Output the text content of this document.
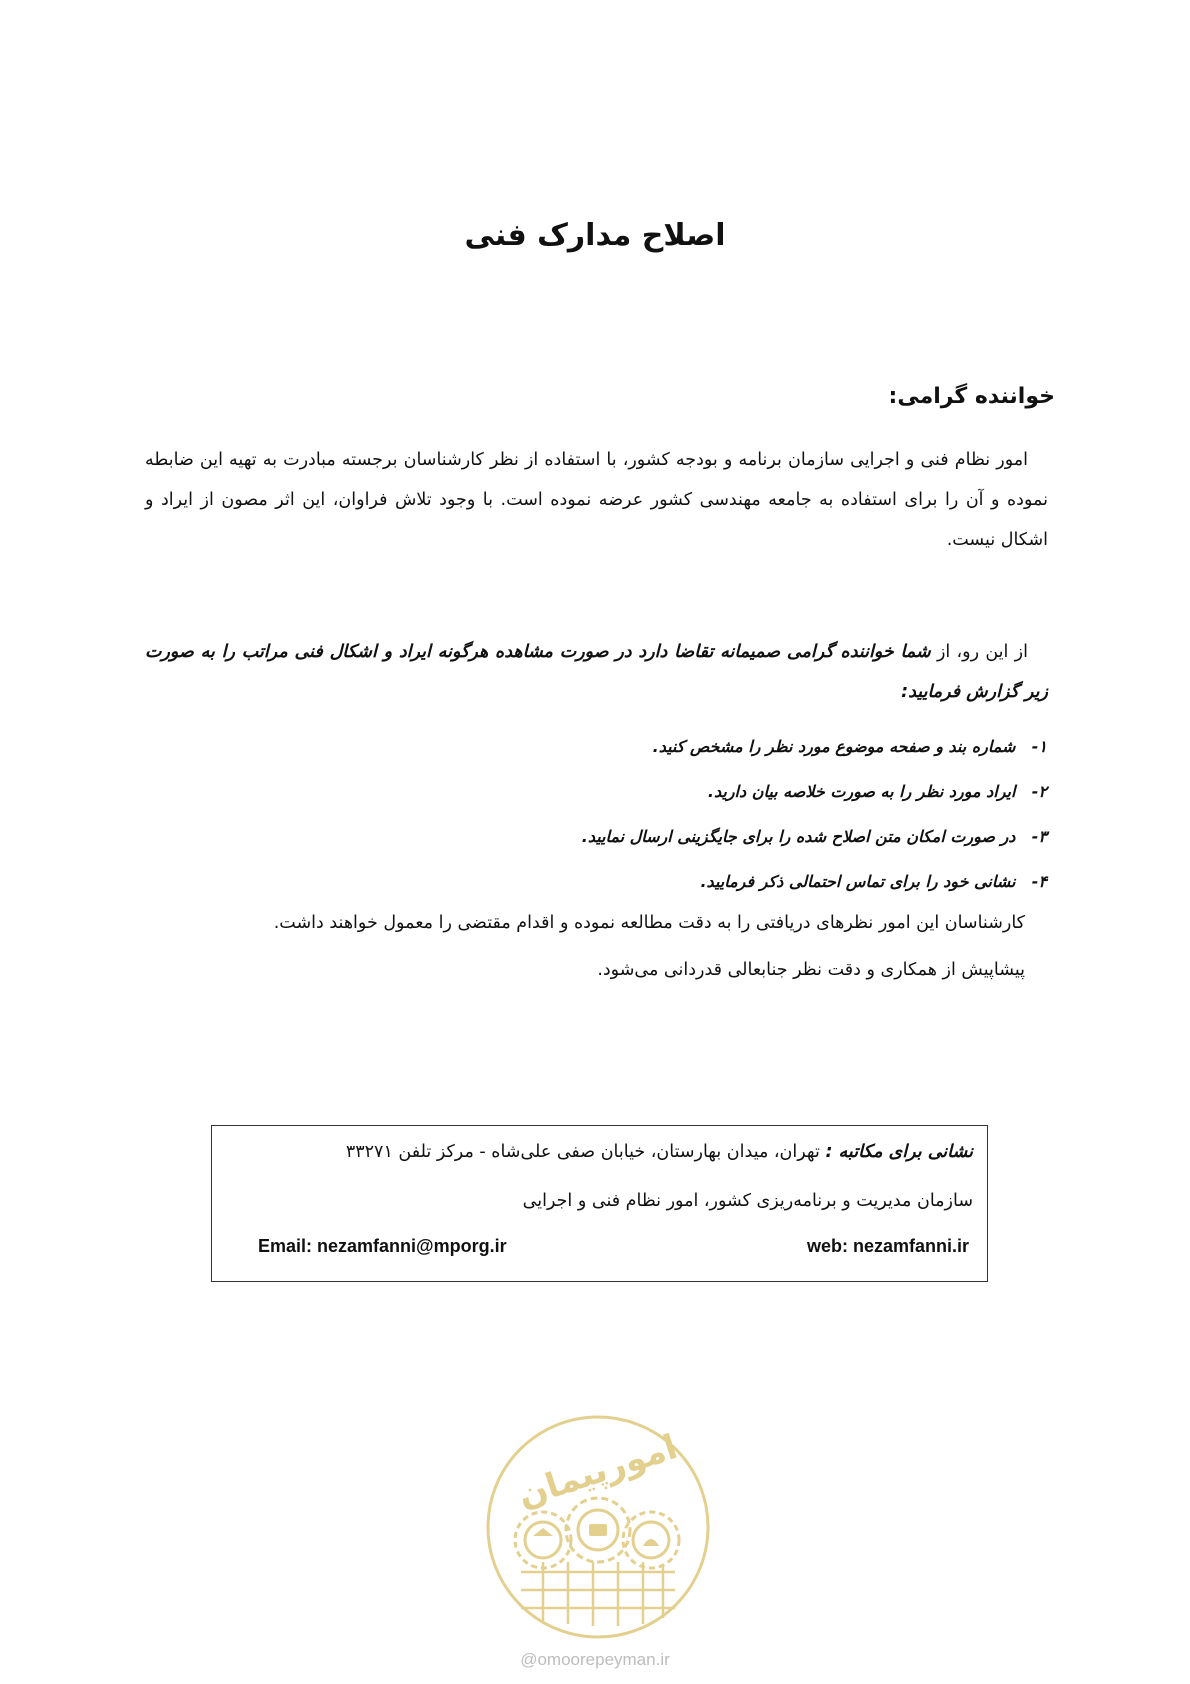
اصلاح مدارک فنی
خواننده گرامی:
امور نظام فنی و اجرایی سازمان برنامه و بودجه کشور، با استفاده از نظر کارشناسان برجسته مبادرت به تهیه این ضابطه نموده و آن را برای استفاده به جامعه مهندسی کشور عرضه نموده است. با وجود تلاش فراوان، این اثر مصون از ایراد و اشکال نیست.
از این رو، از شما خواننده گرامی صمیمانه تقاضا دارد در صورت مشاهده هرگونه ایراد و اشکال فنی مراتب را به صورت زیر گزارش فرمایید:
۱- شماره بند و صفحه موضوع مورد نظر را مشخص کنید.
۲- ایراد مورد نظر را به صورت خلاصه بیان دارید.
۳- در صورت امکان متن اصلاح شده را برای جایگزینی ارسال نمایید.
۴- نشانی خود را برای تماس احتمالی ذکر فرمایید.
کارشناسان این امور نظرهای دریافتی را به دقت مطالعه نموده و اقدام مقتضی را معمول خواهند داشت.
پیشاپیش از همکاری و دقت نظر جنابعالی قدردانی می‌شود.
نشانی برای مکاتبه : تهران، میدان بهارستان، خیابان صفی علی‌شاه - مرکز تلفن ۳۳۲۷۱
سازمان مدیریت و برنامه‌ریزی کشور، امور نظام فنی و اجرایی
Email: nezamfanni@mporg.ir	web: nezamfanni.ir
امورپیمان
@omoorepeyman.ir
